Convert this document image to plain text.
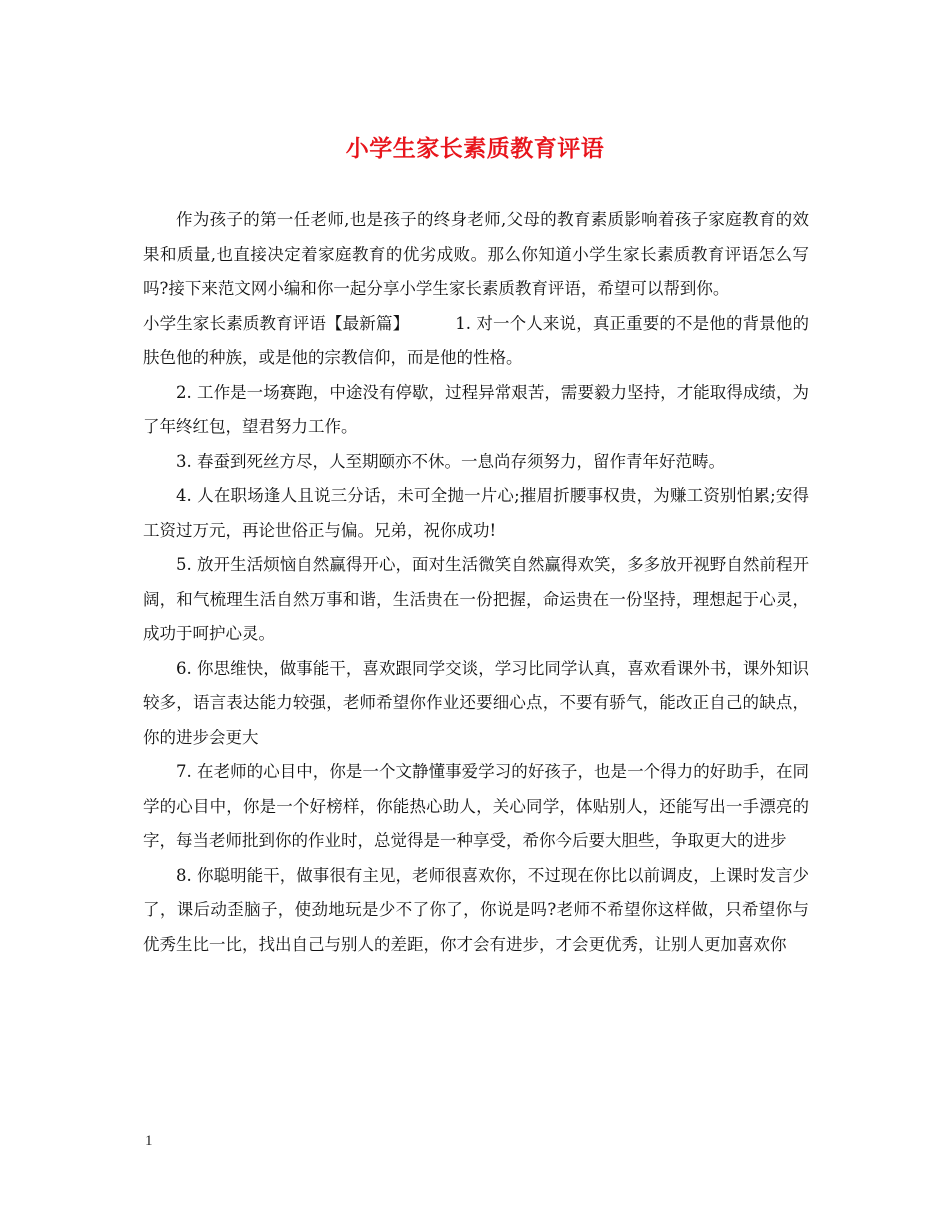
小学生家长素质教育评语

作为孩子的第一任老师,也是孩子的终身老师,父母的教育素质影响着孩子家庭教育的效果和质量,也直接决定着家庭教育的优劣成败。那么你知道小学生家长素质教育评语怎么写吗?接下来范文网小编和你一起分享小学生家长素质教育评语，希望可以帮到你。

小学生家长素质教育评语【最新篇】	1. 对一个人来说，真正重要的不是他的背景他的肤色他的种族，或是他的宗教信仰，而是他的性格。

2. 工作是一场赛跑，中途没有停歇，过程异常艰苦，需要毅力坚持，才能取得成绩，为了年终红包，望君努力工作。

3. 春蚕到死丝方尽，人至期颐亦不休。一息尚存须努力，留作青年好范畴。

4. 人在职场逢人且说三分话，未可全抛一片心;摧眉折腰事权贵，为赚工资别怕累;安得工资过万元，再论世俗正与偏。兄弟，祝你成功!

5. 放开生活烦恼自然赢得开心，面对生活微笑自然赢得欢笑，多多放开视野自然前程开阔，和气梳理生活自然万事和谐，生活贵在一份把握，命运贵在一份坚持，理想起于心灵，成功于呵护心灵。

6. 你思维快，做事能干，喜欢跟同学交谈，学习比同学认真，喜欢看课外书，课外知识较多，语言表达能力较强，老师希望你作业还要细心点，不要有骄气，能改正自己的缺点，你的进步会更大

7. 在老师的心目中，你是一个文静懂事爱学习的好孩子，也是一个得力的好助手，在同学的心目中，你是一个好榜样，你能热心助人，关心同学，体贴别人，还能写出一手漂亮的字，每当老师批到你的作业时，总觉得是一种享受，希你今后要大胆些，争取更大的进步

8. 你聪明能干，做事很有主见，老师很喜欢你，不过现在你比以前调皮，上课时发言少了，课后动歪脑子，使劲地玩是少不了你了，你说是吗?老师不希望你这样做，只希望你与优秀生比一比，找出自己与别人的差距，你才会有进步，才会更优秀，让别人更加喜欢你

1
